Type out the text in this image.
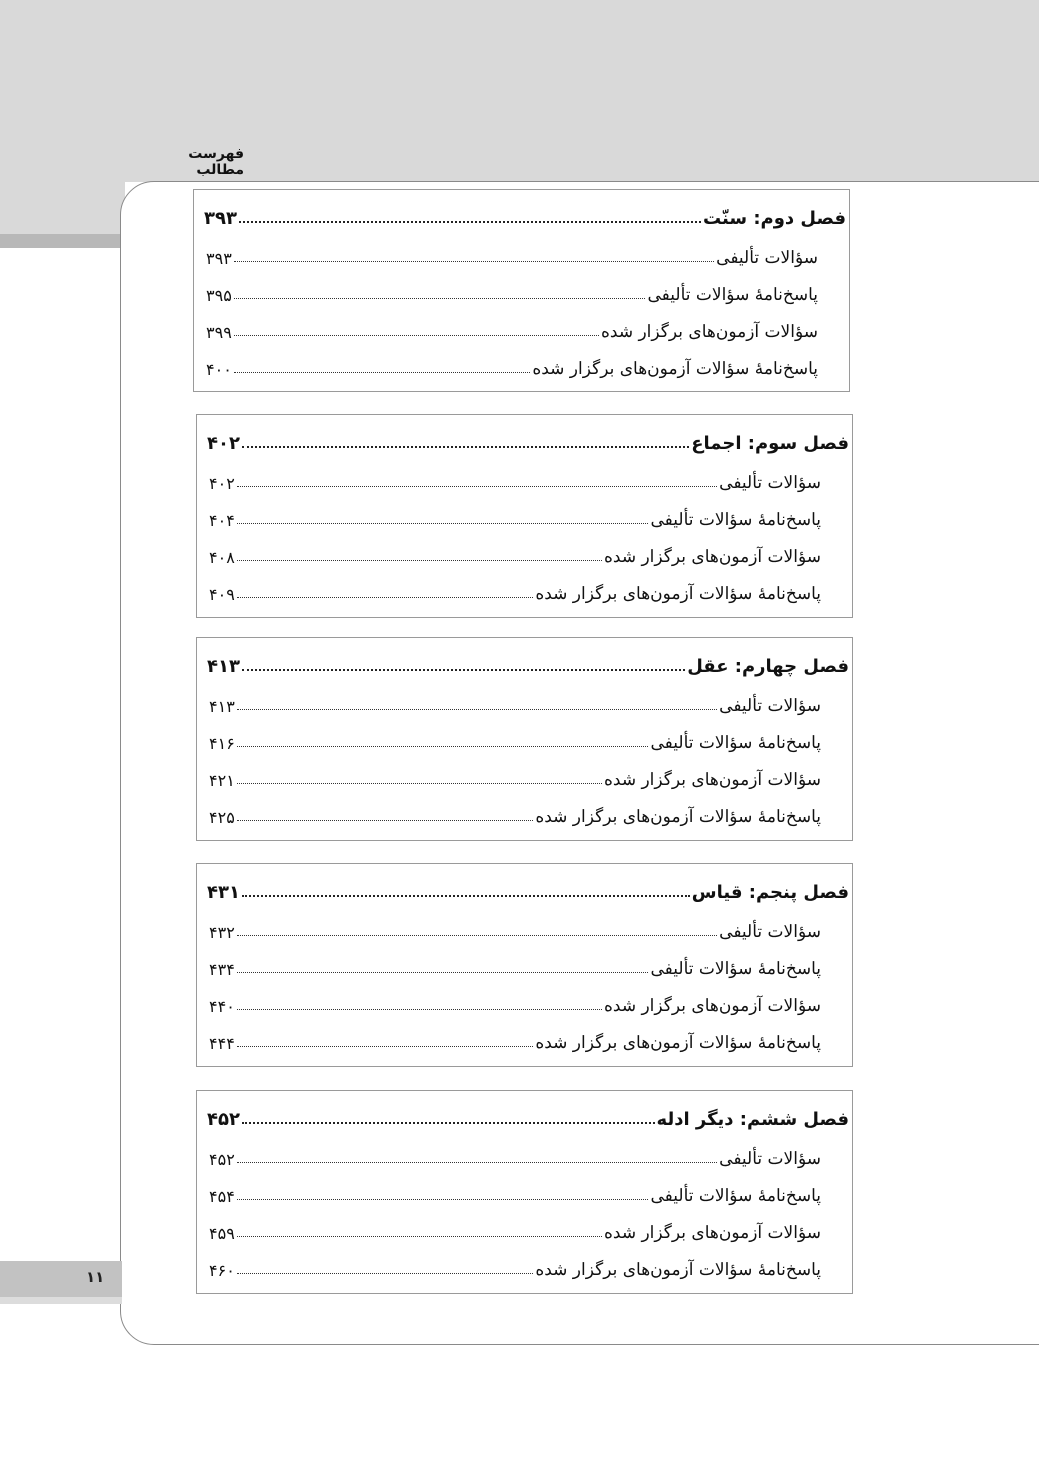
فهرست مطالب
۱۱
فصل دوم: سنّت
۳۹۳
سؤالات تألیفی
۳۹۳
پاسخ‌نامۀ سؤالات تألیفی
۳۹۵
سؤالات آزمون‌های برگزار شده
۳۹۹
پاسخ‌نامۀ سؤالات آزمون‌های برگزار شده
۴۰۰
فصل سوم: اجماع
۴۰۲
سؤالات تألیفی
۴۰۲
پاسخ‌نامۀ سؤالات تألیفی
۴۰۴
سؤالات آزمون‌های برگزار شده
۴۰۸
پاسخ‌نامۀ سؤالات آزمون‌های برگزار شده
۴۰۹
فصل چهارم: عقل
۴۱۳
سؤالات تألیفی
۴۱۳
پاسخ‌نامۀ سؤالات تألیفی
۴۱۶
سؤالات آزمون‌های برگزار شده
۴۲۱
پاسخ‌نامۀ سؤالات آزمون‌های برگزار شده
۴۲۵
فصل پنجم: قیاس
۴۳۱
سؤالات تألیفی
۴۳۲
پاسخ‌نامۀ سؤالات تألیفی
۴۳۴
سؤالات آزمون‌های برگزار شده
۴۴۰
پاسخ‌نامۀ سؤالات آزمون‌های برگزار شده
۴۴۴
فصل ششم: دیگر ادله
۴۵۲
سؤالات تألیفی
۴۵۲
پاسخ‌نامۀ سؤالات تألیفی
۴۵۴
سؤالات آزمون‌های برگزار شده
۴۵۹
پاسخ‌نامۀ سؤالات آزمون‌های برگزار شده
۴۶۰
